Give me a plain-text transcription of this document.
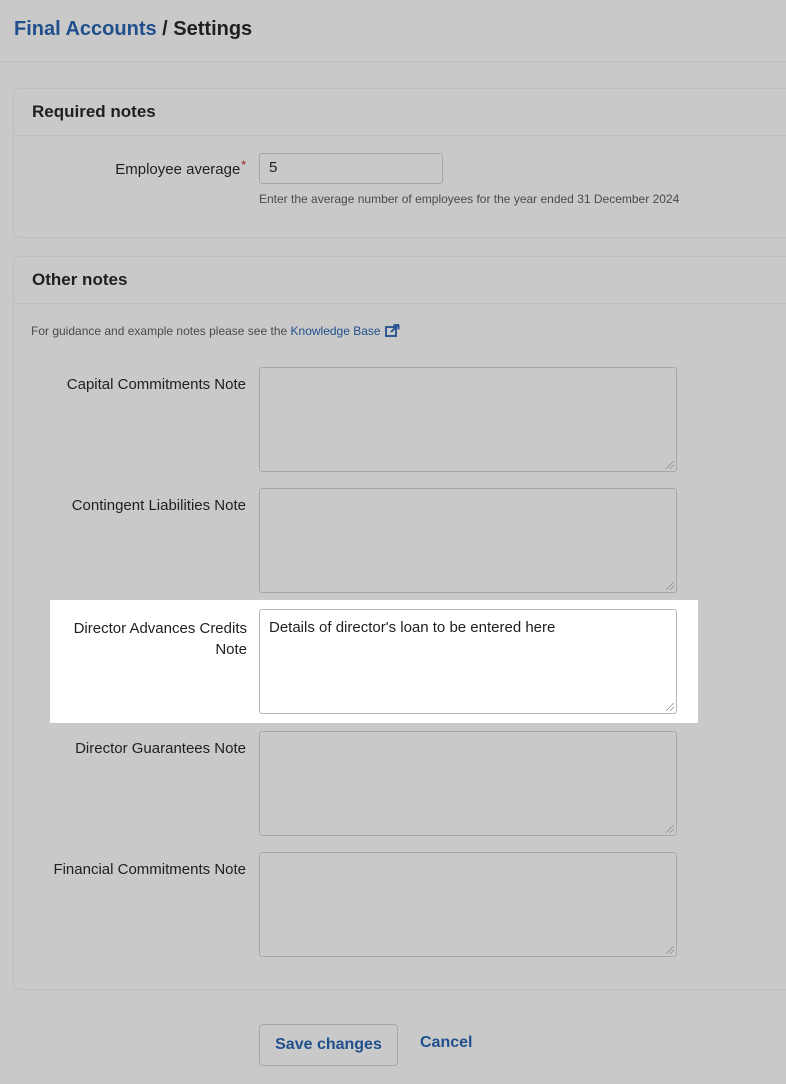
Final Accounts / Settings
Required notes
Employee average*	5
Enter the average number of employees for the year ended 31 December 2024
Other notes
For guidance and example notes please see the Knowledge Base
Capital Commitments Note
Contingent Liabilities Note
Director Advances Credits Note
Details of director's loan to be entered here
Director Guarantees Note
Financial Commitments Note
Save changes	Cancel
